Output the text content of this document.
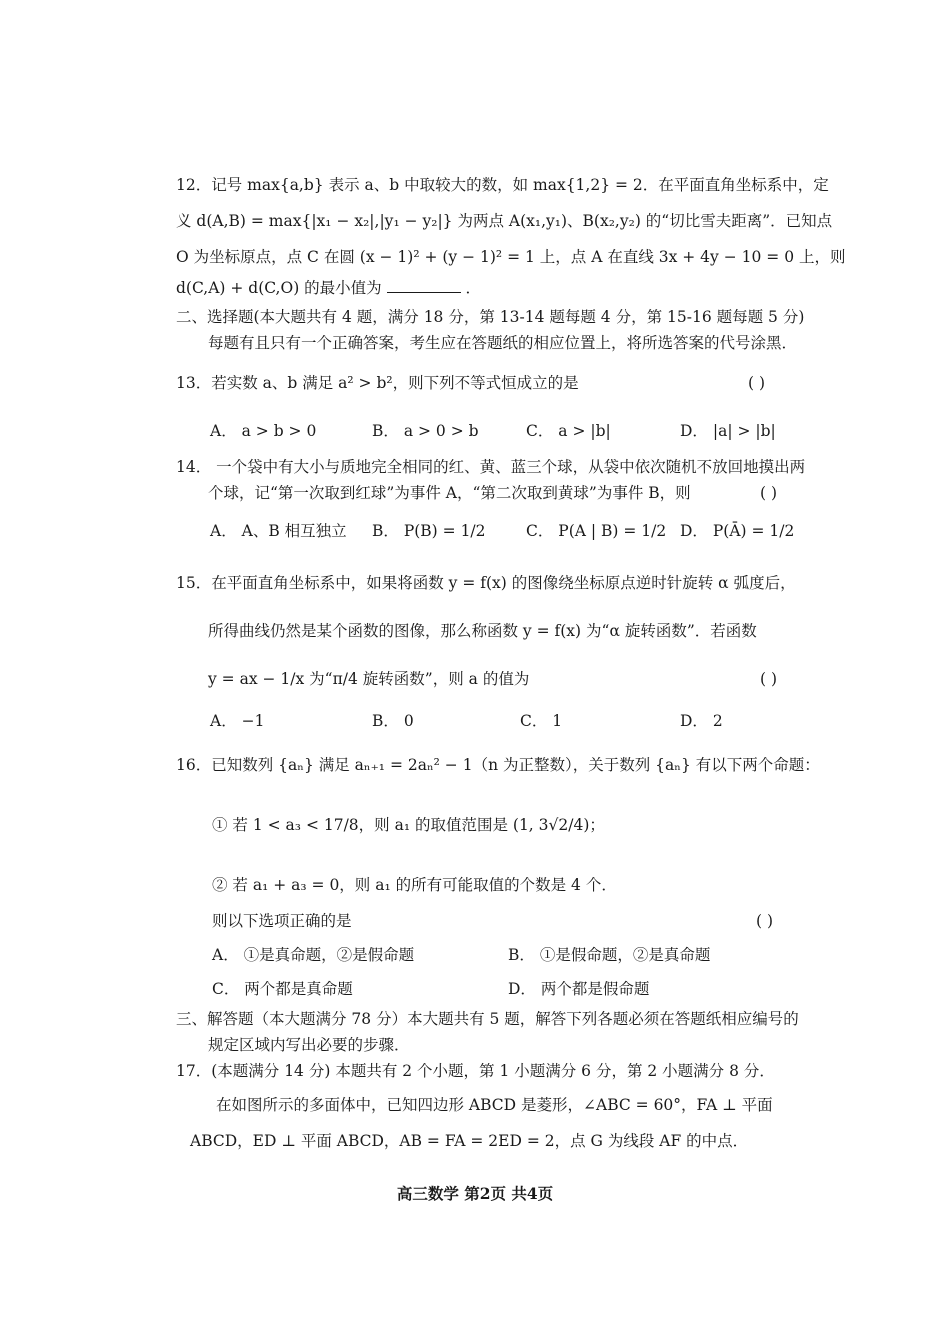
12．记号 max{a,b} 表示 a、b 中取较大的数，如 max{1,2} = 2．在平面直角坐标系中，定
义 d(A,B) = max{|x₁ − x₂|,|y₁ − y₂|} 为两点 A(x₁,y₁)、B(x₂,y₂) 的“切比雪夫距离”．已知点
O 为坐标原点，点 C 在圆 (x − 1)² + (y − 1)² = 1 上，点 A 在直线 3x + 4y − 10 = 0 上，则
d(C,A) + d(C,O) 的最小值为	．
二、选择题(本大题共有 4 题，满分 18 分，第 13-14 题每题 4 分，第 15-16 题每题 5 分)
每题有且只有一个正确答案，考生应在答题纸的相应位置上，将所选答案的代号涂黑．
13．若实数 a、b 满足 a² > b²，则下列不等式恒成立的是	( )
A． a > b > 0	B． a > 0 > b	C． a > |b|	D． |a| > |b|
14． 一个袋中有大小与质地完全相同的红、黄、蓝三个球，从袋中依次随机不放回地摸出两
个球，记“第一次取到红球”为事件 A，“第二次取到黄球”为事件 B，则	( )
A． A、B 相互独立 B． P(B) = 1/2	C． P(A | B) = 1/2 D． P(Ā) = 1/2
15．在平面直角坐标系中，如果将函数 y = f(x) 的图像绕坐标原点逆时针旋转 α 弧度后，
所得曲线仍然是某个函数的图像，那么称函数 y = f(x) 为“α 旋转函数”．若函数
y = ax − 1/x 为“π/4 旋转函数”，则 a 的值为	( )
A． −1	B． 0	C． 1	D． 2
16．已知数列 {aₙ} 满足 aₙ₊₁ = 2aₙ² − 1（n 为正整数），关于数列 {aₙ} 有以下两个命题：
① 若 1 < a₃ < 17/8，则 a₁ 的取值范围是 (1, 3√2/4)；
② 若 a₁ + a₃ = 0，则 a₁ 的所有可能取值的个数是 4 个．
则以下选项正确的是	( )
A． ①是真命题，②是假命题	B． ①是假命题，②是真命题
C． 两个都是真命题	D． 两个都是假命题
三、解答题（本大题满分 78 分）本大题共有 5 题，解答下列各题必须在答题纸相应编号的
规定区域内写出必要的步骤．
17．(本题满分 14 分) 本题共有 2 个小题，第 1 小题满分 6 分，第 2 小题满分 8 分．
在如图所示的多面体中，已知四边形 ABCD 是菱形，∠ABC = 60°，FA ⊥ 平面
ABCD，ED ⊥ 平面 ABCD，AB = FA = 2ED = 2，点 G 为线段 AF 的中点．
高三数学 第2页 共4页
